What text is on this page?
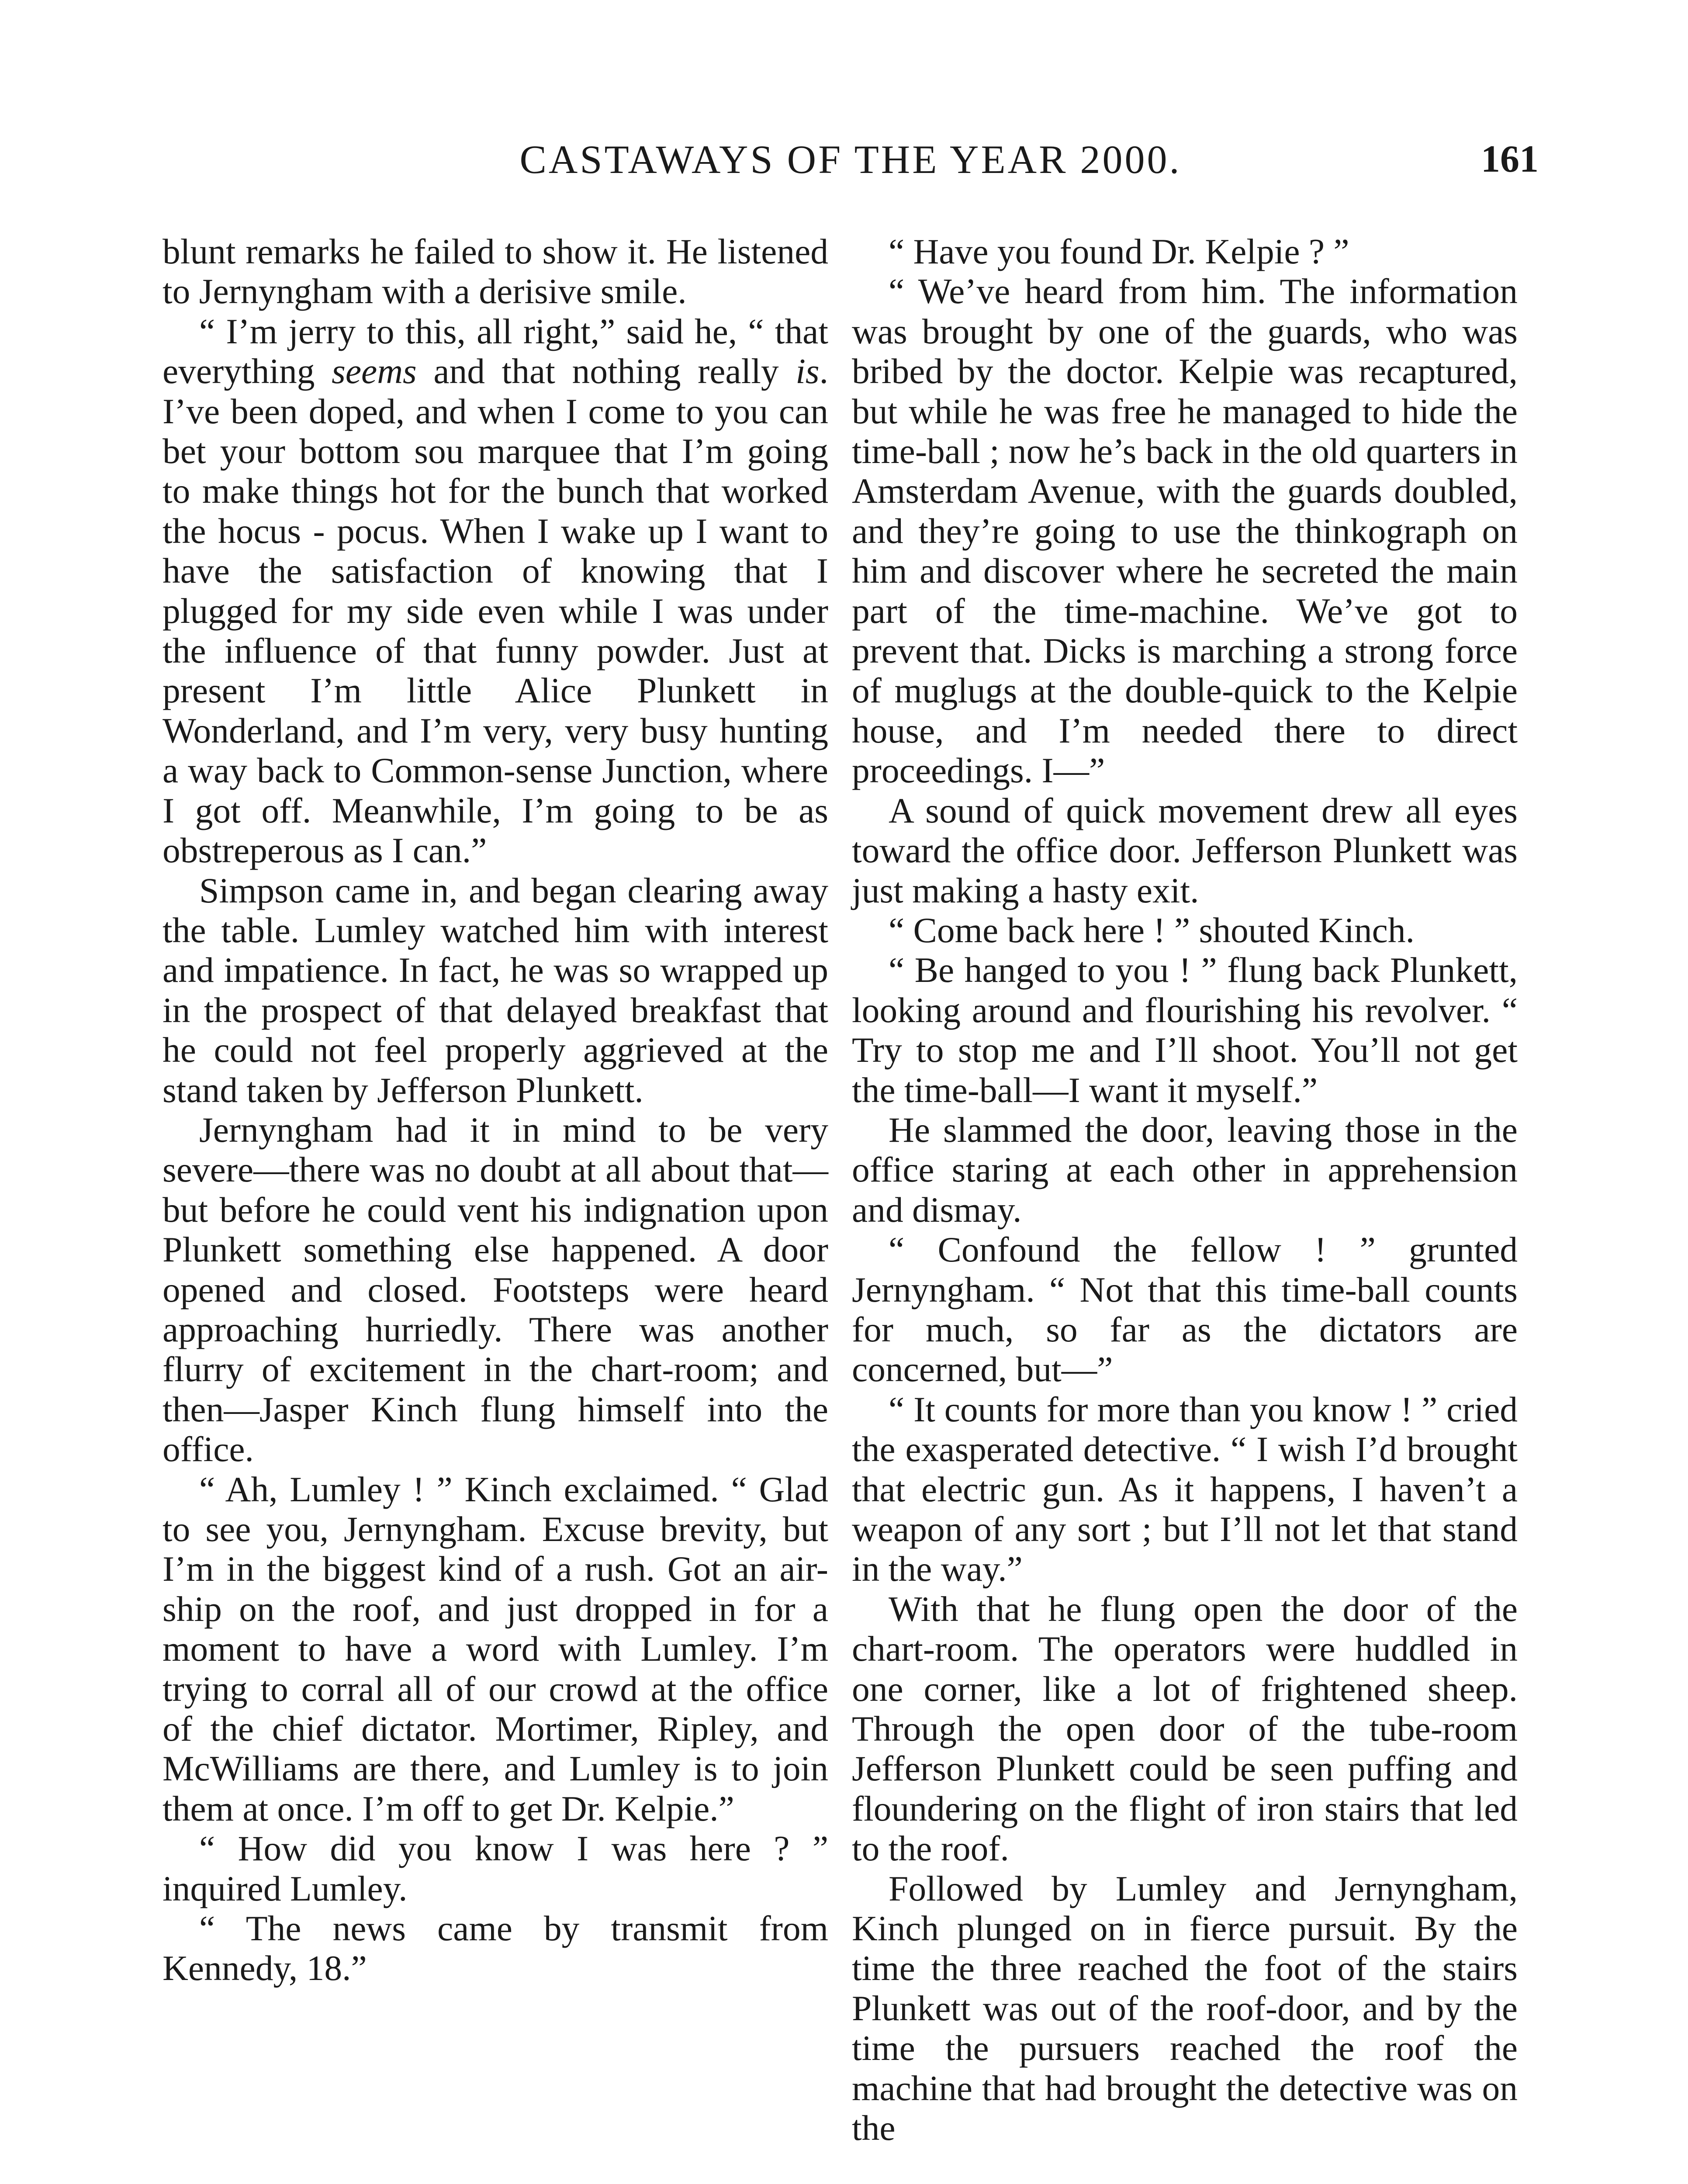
CASTAWAYS OF THE YEAR 2000.	161

blunt remarks he failed to show it. He listened to Jernyngham with a derisive smile.

“ I’m jerry to this, all right,” said he, “ that everything seems and that nothing really is. I’ve been doped, and when I come to you can bet your bottom sou marquee that I’m going to make things hot for the bunch that worked the hocus - pocus. When I wake up I want to have the satisfaction of knowing that I plugged for my side even while I was under the influence of that funny powder. Just at present I’m little Alice Plunkett in Wonderland, and I’m very, very busy hunting a way back to Common-sense Junction, where I got off. Meanwhile, I’m going to be as obstreperous as I can.”

Simpson came in, and began clearing away the table. Lumley watched him with interest and impatience. In fact, he was so wrapped up in the prospect of that delayed breakfast that he could not feel properly aggrieved at the stand taken by Jefferson Plunkett.

Jernyngham had it in mind to be very severe—there was no doubt at all about that—but before he could vent his indignation upon Plunkett something else happened. A door opened and closed. Footsteps were heard approaching hurriedly. There was another flurry of excitement in the chart-room; and then—Jasper Kinch flung himself into the office.

“ Ah, Lumley ! ” Kinch exclaimed. “ Glad to see you, Jernyngham. Excuse brevity, but I’m in the biggest kind of a rush. Got an air-ship on the roof, and just dropped in for a moment to have a word with Lumley. I’m trying to corral all of our crowd at the office of the chief dictator. Mortimer, Ripley, and McWilliams are there, and Lumley is to join them at once. I’m off to get Dr. Kelpie.”

“ How did you know I was here ? ” inquired Lumley.

“ The news came by transmit from Kennedy, 18.”

“ Have you found Dr. Kelpie ? ”

“ We’ve heard from him. The information was brought by one of the guards, who was bribed by the doctor. Kelpie was recaptured, but while he was free he managed to hide the time-ball ; now he’s back in the old quarters in Amsterdam Avenue, with the guards doubled, and they’re going to use the thinkograph on him and discover where he secreted the main part of the time-machine. We’ve got to prevent that. Dicks is marching a strong force of muglugs at the double-quick to the Kelpie house, and I’m needed there to direct proceedings. I—”

A sound of quick movement drew all eyes toward the office door. Jefferson Plunkett was just making a hasty exit.

“ Come back here ! ” shouted Kinch.

“ Be hanged to you ! ” flung back Plunkett, looking around and flourishing his revolver. “ Try to stop me and I’ll shoot. You’ll not get the time-ball—I want it myself.”

He slammed the door, leaving those in the office staring at each other in apprehension and dismay.

“ Confound the fellow ! ” grunted Jernyngham. “ Not that this time-ball counts for much, so far as the dictators are concerned, but—”

“ It counts for more than you know ! ” cried the exasperated detective. “ I wish I’d brought that electric gun. As it happens, I haven’t a weapon of any sort ; but I’ll not let that stand in the way.”

With that he flung open the door of the chart-room. The operators were huddled in one corner, like a lot of frightened sheep. Through the open door of the tube-room Jefferson Plunkett could be seen puffing and floundering on the flight of iron stairs that led to the roof.

Followed by Lumley and Jernyngham, Kinch plunged on in fierce pursuit. By the time the three reached the foot of the stairs Plunkett was out of the roof-door, and by the time the pursuers reached the roof the machine that had brought the detective was on the
